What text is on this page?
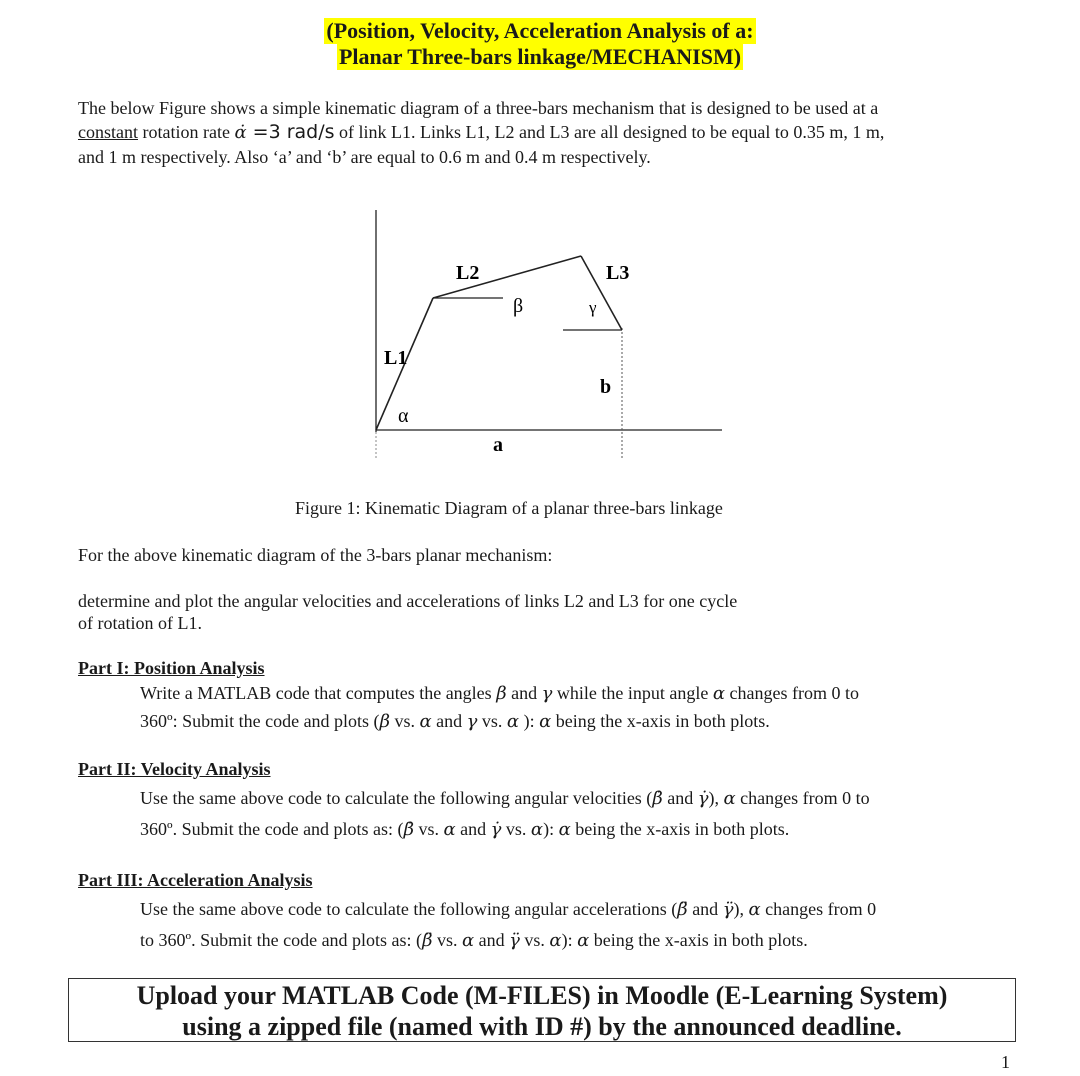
(Position, Velocity, Acceleration Analysis of a:
Planar Three-bars linkage/MECHANISM)
The below Figure shows a simple kinematic diagram of a three-bars mechanism that is designed to be used at a
constant rotation rate α̇ =3 rad/s of link L1. Links L1, L2 and L3 are all designed to be equal to 0.35 m, 1 m,
and 1 m respectively. Also ‘a’ and ‘b’ are equal to 0.6 m and 0.4 m respectively.
L2	L3
L1
β	γ
α
b
a
Figure 1: Kinematic Diagram of a planar three-bars linkage
For the above kinematic diagram of the 3-bars planar mechanism:
determine and plot the angular velocities and accelerations of links L2 and L3 for one cycle
of rotation of L1.
Part I: Position Analysis
Write a MATLAB code that computes the angles β and γ while the input angle α changes from 0 to
360º: Submit the code and plots (β vs. α and γ vs. α ): α being the x-axis in both plots.
Part II: Velocity Analysis
Use the same above code to calculate the following angular velocities (β̇ and γ̇), α changes from 0 to
360º. Submit the code and plots as: (β̇ vs. α and γ̇ vs. α): α being the x-axis in both plots.
Part III: Acceleration Analysis
Use the same above code to calculate the following angular accelerations (β̈ and γ̈), α changes from 0
to 360º. Submit the code and plots as: (β̈ vs. α and γ̈ vs. α): α being the x-axis in both plots.
Upload your MATLAB Code (M-FILES) in Moodle (E-Learning System)
using a zipped file (named with ID #) by the announced deadline.
1
